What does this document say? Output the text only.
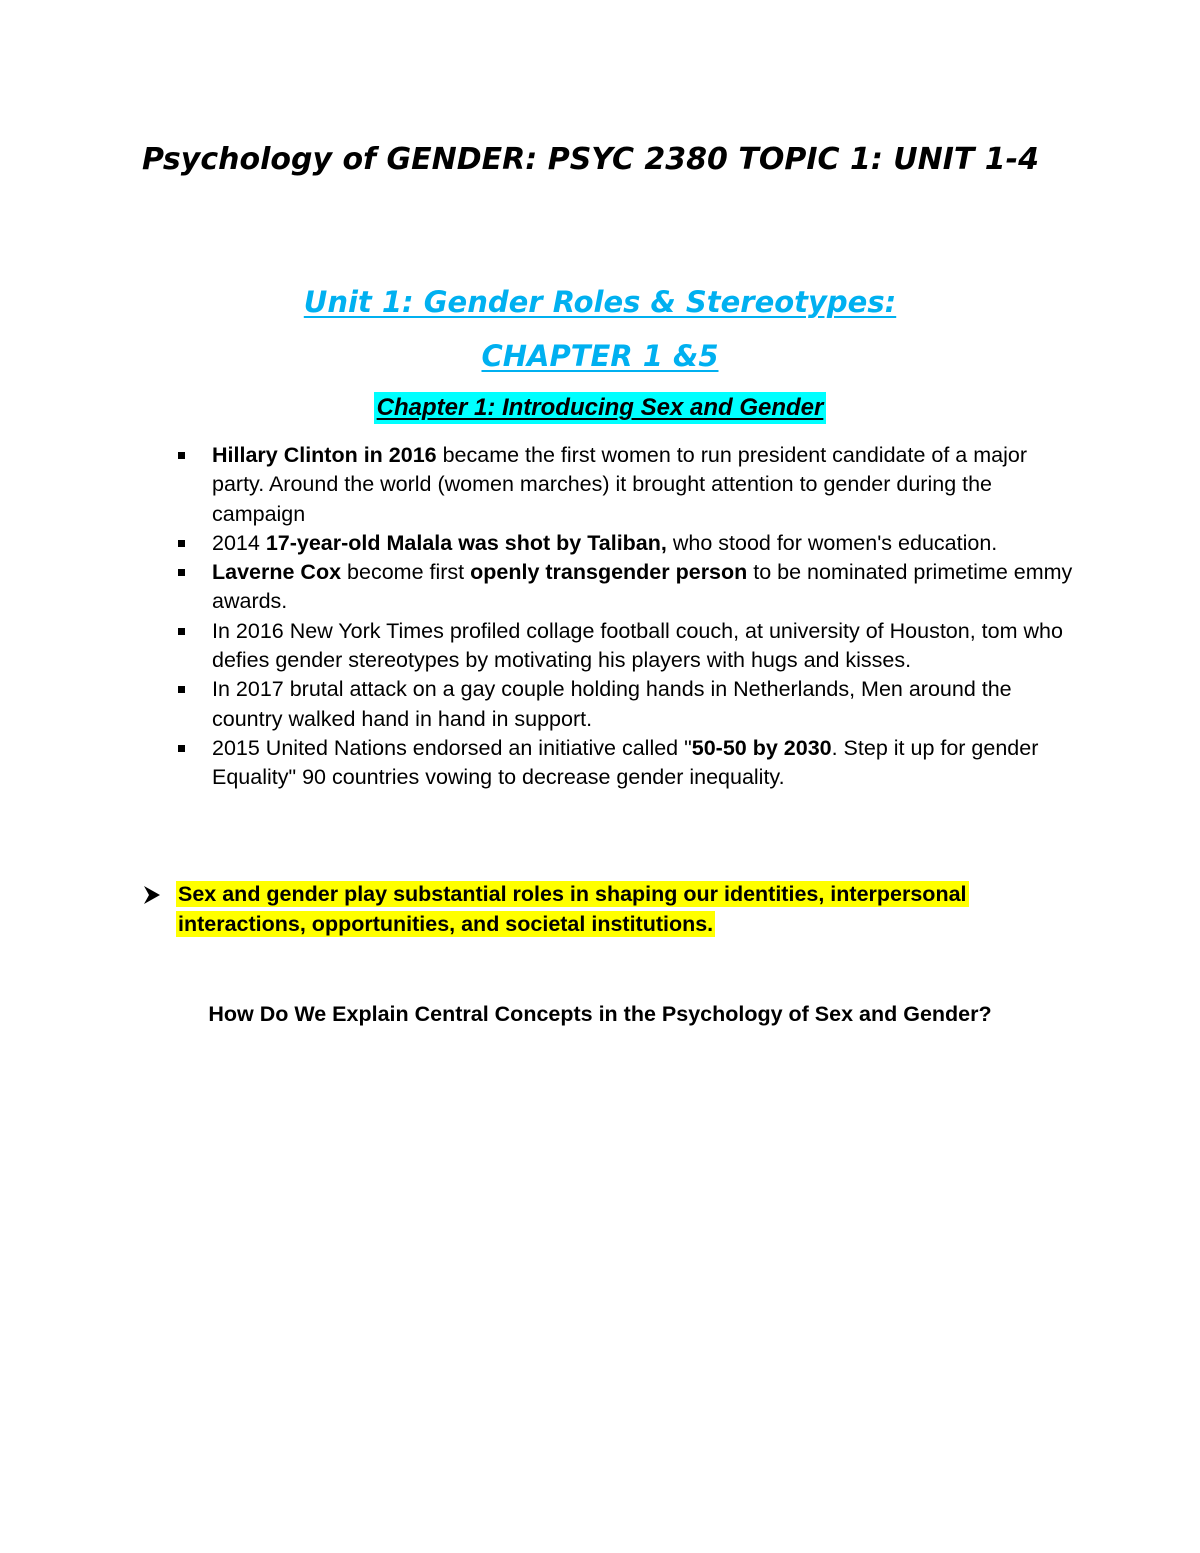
Psychology of GENDER: PSYC 2380 TOPIC 1: UNIT 1-4
Unit 1: Gender Roles & Stereotypes:
CHAPTER 1 &5
Chapter 1: Introducing Sex and Gender
Hillary Clinton in 2016 became the first women to run president candidate of a major party. Around the world (women marches) it brought attention to gender during the campaign
2014 17-year-old Malala was shot by Taliban, who stood for women's education.
Laverne Cox become first openly transgender person to be nominated primetime emmy awards.
In 2016 New York Times profiled collage football couch, at university of Houston, tom who defies gender stereotypes by motivating his players with hugs and kisses.
In 2017 brutal attack on a gay couple holding hands in Netherlands, Men around the country walked hand in hand in support.
2015 United Nations endorsed an initiative called "50-50 by 2030. Step it up for gender Equality" 90 countries vowing to decrease gender inequality.

Sex and gender play substantial roles in shaping our identities, interpersonal interactions, opportunities, and societal institutions.

How Do We Explain Central Concepts in the Psychology of Sex and Gender?
